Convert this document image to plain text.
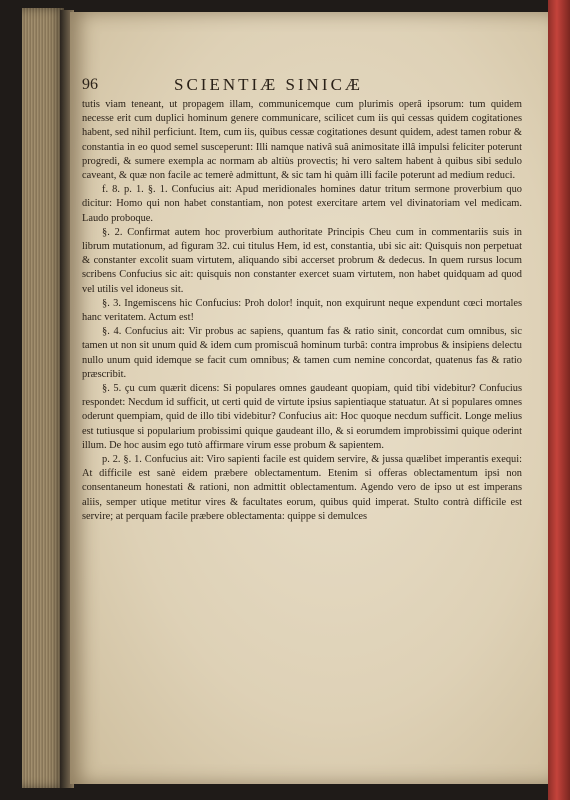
96	SCIENTIÆ SINICÆ

tutis viam teneant, ut propagem illam, communicemque cum plurimis operâ ipsorum: tum quidem necesse erit cum duplici hominum genere communicare, scilicet cum iis qui cessas quidem cogitationes habent, sed nihil perficiunt. Item, cum iis, quibus cessæ cogitationes desunt quidem, adest tamen robur & constantia in eo quod semel susceperunt: Illi namque nativâ suâ animositate illâ impulsi feliciter poterunt progredi, & sumere exempla ac normam ab altiùs provectis; hi vero saltem habent à quibus sibi sedulo caveant, & quæ non facile ac temerè admittunt, & sic tam hi quàm illi facile poterunt ad medium reduci.

f. 8. p. 1. §. 1. Confucius ait: Apud meridionales homines datur tritum sermone proverbium quo dicitur: Homo qui non habet constantiam, non potest exercitare artem vel divinatoriam vel medicam. Laudo proboque.

§. 2. Confirmat autem hoc proverbium authoritate Principis Cheu cum in commentariis suis in librum mutationum, ad figuram 32. cui titulus Hem, id est, constantia, ubi sic ait: Quisquis non perpetuat & constanter excolit suam virtutem, aliquando sibi accerset probrum & dedecus. In quem rursus locum scribens Confucius sic ait: quisquis non constanter exercet suam virtutem, non habet quidquam ad quod vel utilis vel idoneus sit.

§. 3. Ingemiscens hic Confucius: Proh dolor! inquit, non exquirunt neque expendunt cœci mortales hanc veritatem. Actum est!

§. 4. Confucius ait: Vir probus ac sapiens, quantum fas & ratio sinit, concordat cum omnibus, sic tamen ut non sit unum quid & idem cum promiscuâ hominum turbâ: contra improbus & insipiens delectu nullo unum quid idemque se facit cum omnibus; & tamen cum nemine concordat, quatenus fas & ratio præscribit.

§. 5. çu cum quærit dicens: Si populares omnes gaudeant quopiam, quid tibi videbitur? Confucius respondet: Necdum id sufficit, ut certi quid de virtute ipsius sapientiaque statuatur. At si populares omnes oderunt quempiam, quid de illo tibi videbitur? Confucius ait: Hoc quoque necdum sufficit. Longe melius est tutiusque si popularium probissimi quique gaudeant illo, & si eorumdem improbissimi quique oderint illum. De hoc ausim ego tutò affirmare virum esse probum & sapientem.

p. 2. §. 1. Confucius ait: Viro sapienti facile est quidem servire, & jussa quælibet imperantis exequi: At difficile est sanè eidem præbere oblectamentum. Etenim si offeras oblectamentum ipsi non consentaneum honestati & rationi, non admittit oblectamentum. Agendo vero de ipso ut est imperans aliis, semper utique metitur vires & facultates eorum, quibus quid imperat. Stulto contrà difficile est servire; at perquam facile præbere oblectamenta: quippe si demulces
